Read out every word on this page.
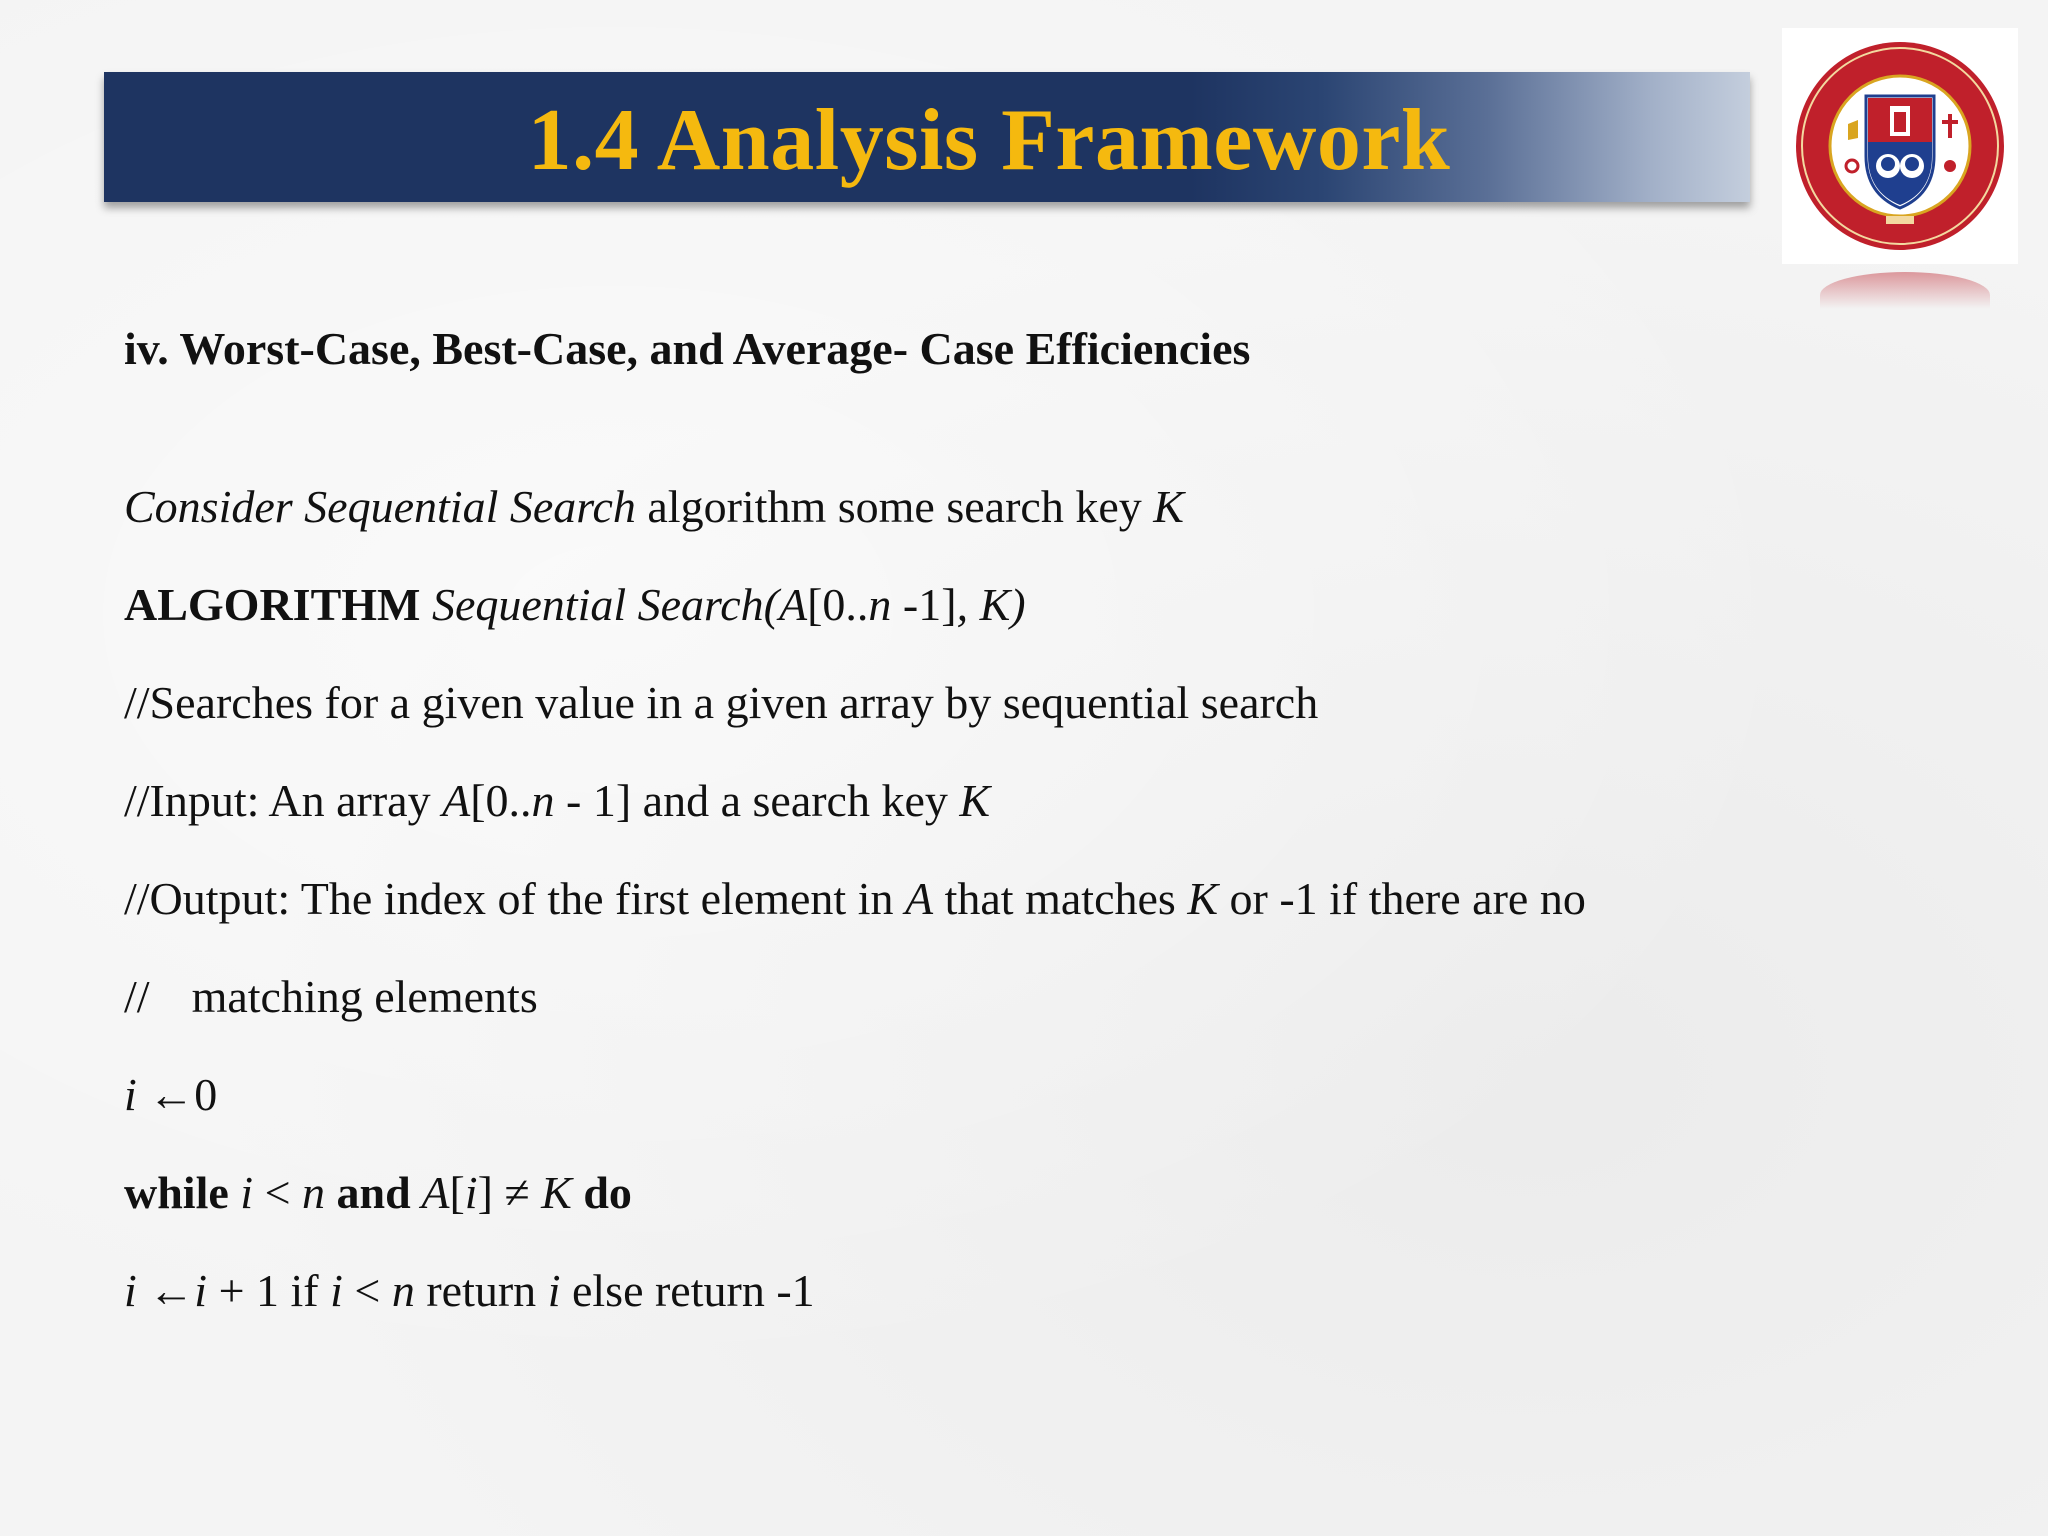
1.4 Analysis Framework
iv. Worst-Case, Best-Case, and Average- Case Efficiencies
Consider Sequential Search algorithm some search key K
ALGORITHM Sequential Search(A[0..n -1], K)
//Searches for a given value in a given array by sequential search
//Input: An array A[0..n - 1] and a search key K
//Output: The index of the first element in A that matches K or -1 if there are no
// matching elements
i ←0
while i < n and A[i] ≠ K do
i ←i + 1 if i < n return i else return -1
